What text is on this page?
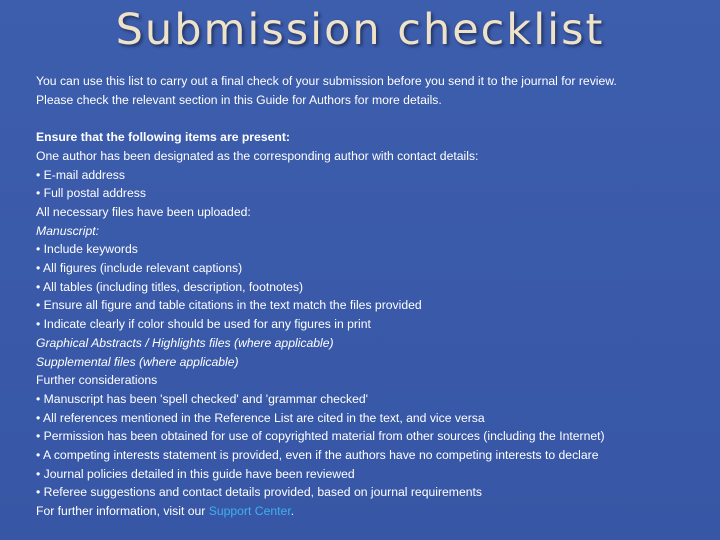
Submission checklist
You can use this list to carry out a final check of your submission before you send it to the journal for review.
Please check the relevant section in this Guide for Authors for more details.
Ensure that the following items are present:
One author has been designated as the corresponding author with contact details:
• E-mail address
• Full postal address
All necessary files have been uploaded:
Manuscript:
• Include keywords
• All figures (include relevant captions)
• All tables (including titles, description, footnotes)
• Ensure all figure and table citations in the text match the files provided
• Indicate clearly if color should be used for any figures in print
Graphical Abstracts / Highlights files (where applicable)
Supplemental files (where applicable)
Further considerations
• Manuscript has been 'spell checked' and 'grammar checked'
• All references mentioned in the Reference List are cited in the text, and vice versa
• Permission has been obtained for use of copyrighted material from other sources (including the Internet)
• A competing interests statement is provided, even if the authors have no competing interests to declare
• Journal policies detailed in this guide have been reviewed
• Referee suggestions and contact details provided, based on journal requirements
For further information, visit our Support Center.
